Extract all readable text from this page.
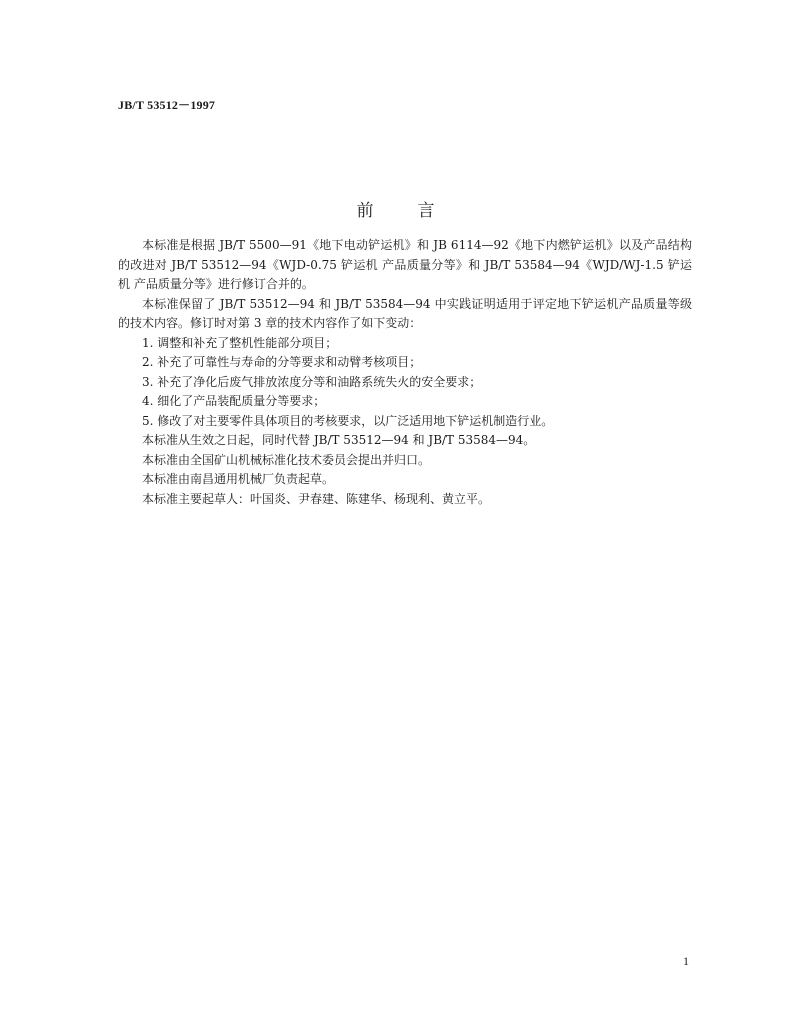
JB/T 53512－1997
前言

本标准是根据 JB/T 5500—91《地下电动铲运机》和 JB 6114—92《地下内燃铲运机》以及产品结构的改进对 JB/T 53512—94《WJD-0.75 铲运机 产品质量分等》和 JB/T 53584—94《WJD/WJ-1.5 铲运机 产品质量分等》进行修订合并的。

本标准保留了 JB/T 53512—94 和 JB/T 53584—94 中实践证明适用于评定地下铲运机产品质量等级的技术内容。修订时对第 3 章的技术内容作了如下变动：

1. 调整和补充了整机性能部分项目；

2. 补充了可靠性与寿命的分等要求和动臂考核项目；

3. 补充了净化后废气排放浓度分等和油路系统失火的安全要求；

4. 细化了产品装配质量分等要求；

5. 修改了对主要零件具体项目的考核要求，以广泛适用地下铲运机制造行业。

本标准从生效之日起，同时代替 JB/T 53512—94 和 JB/T 53584—94。

本标准由全国矿山机械标准化技术委员会提出并归口。

本标准由南昌通用机械厂负责起草。

本标准主要起草人：叶国炎、尹春建、陈建华、杨现利、黄立平。

1
